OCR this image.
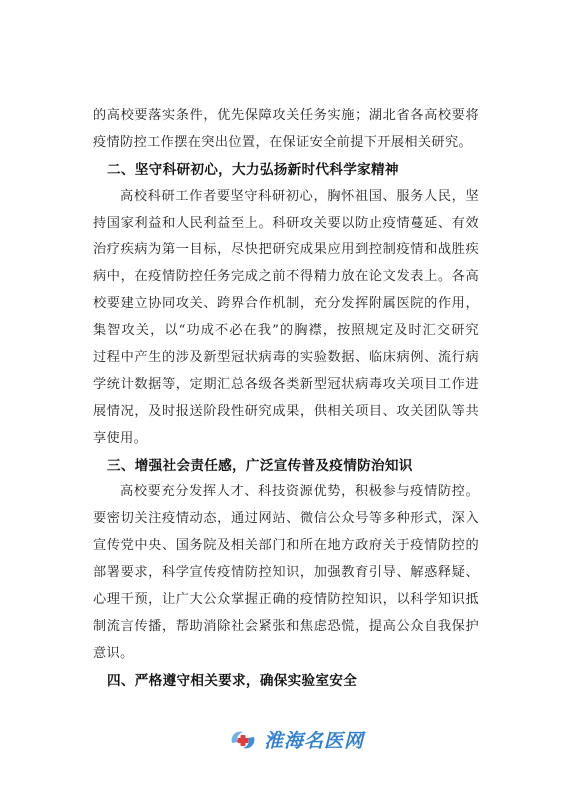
的高校要落实条件，优先保障攻关任务实施；湖北省各高校要将
疫情防控工作摆在突出位置，在保证安全前提下开展相关研究。
二、坚守科研初心，大力弘扬新时代科学家精神
高校科研工作者要坚守科研初心，胸怀祖国、服务人民，坚
持国家利益和人民利益至上。科研攻关要以防止疫情蔓延、有效
治疗疾病为第一目标，尽快把研究成果应用到控制疫情和战胜疾
病中，在疫情防控任务完成之前不得精力放在论文发表上。各高
校要建立协同攻关、跨界合作机制，充分发挥附属医院的作用，
集智攻关，以“功成不必在我”的胸襟，按照规定及时汇交研究
过程中产生的涉及新型冠状病毒的实验数据、临床病例、流行病
学统计数据等，定期汇总各级各类新型冠状病毒攻关项目工作进
展情况，及时报送阶段性研究成果，供相关项目、攻关团队等共
享使用。
三、增强社会责任感，广泛宣传普及疫情防治知识
高校要充分发挥人才、科技资源优势，积极参与疫情防控。
要密切关注疫情动态，通过网站、微信公众号等多种形式，深入
宣传党中央、国务院及相关部门和所在地方政府关于疫情防控的
部署要求，科学宣传疫情防控知识，加强教育引导、解惑释疑、
心理干预，让广大公众掌握正确的疫情防控知识，以科学知识抵
制流言传播，帮助消除社会紧张和焦虑恐慌，提高公众自我保护
意识。
四、严格遵守相关要求，确保实验室安全
淮海名医网
